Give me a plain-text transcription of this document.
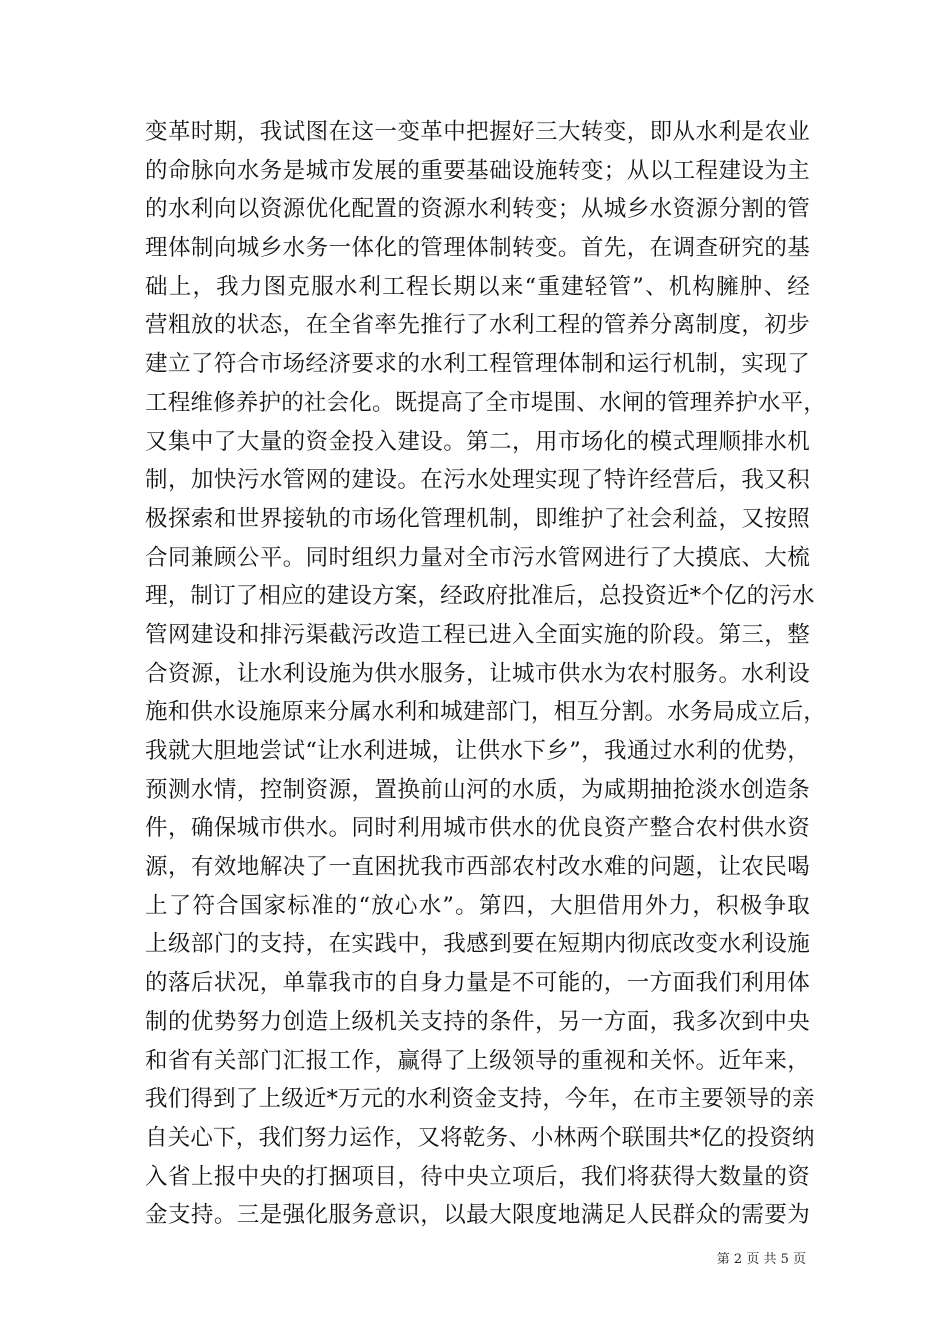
变革时期，我试图在这一变革中把握好三大转变，即从水利是农业
的命脉向水务是城市发展的重要基础设施转变；从以工程建设为主
的水利向以资源优化配置的资源水利转变；从城乡水资源分割的管
理体制向城乡水务一体化的管理体制转变。首先，在调查研究的基
础上，我力图克服水利工程长期以来“重建轻管”、机构臃肿、经
营粗放的状态，在全省率先推行了水利工程的管养分离制度，初步
建立了符合市场经济要求的水利工程管理体制和运行机制，实现了
工程维修养护的社会化。既提高了全市堤围、水闸的管理养护水平，
又集中了大量的资金投入建设。第二，用市场化的模式理顺排水机
制，加快污水管网的建设。在污水处理实现了特许经营后，我又积
极探索和世界接轨的市场化管理机制，即维护了社会利益，又按照
合同兼顾公平。同时组织力量对全市污水管网进行了大摸底、大梳
理，制订了相应的建设方案，经政府批准后，总投资近*个亿的污水
管网建设和排污渠截污改造工程已进入全面实施的阶段。第三，整
合资源，让水利设施为供水服务，让城市供水为农村服务。水利设
施和供水设施原来分属水利和城建部门，相互分割。水务局成立后，
我就大胆地尝试“让水利进城，让供水下乡”，我通过水利的优势，
预测水情，控制资源，置换前山河的水质，为咸期抽抢淡水创造条
件，确保城市供水。同时利用城市供水的优良资产整合农村供水资
源，有效地解决了一直困扰我市西部农村改水难的问题，让农民喝
上了符合国家标准的“放心水”。第四，大胆借用外力，积极争取
上级部门的支持，在实践中，我感到要在短期内彻底改变水利设施
的落后状况，单靠我市的自身力量是不可能的，一方面我们利用体
制的优势努力创造上级机关支持的条件，另一方面，我多次到中央
和省有关部门汇报工作，赢得了上级领导的重视和关怀。近年来，
我们得到了上级近*万元的水利资金支持，今年，在市主要领导的亲
自关心下，我们努力运作，又将乾务、小林两个联围共*亿的投资纳
入省上报中央的打捆项目，待中央立项后，我们将获得大数量的资
金支持。三是强化服务意识，以最大限度地满足人民群众的需要为
第 2 页 共 5 页
